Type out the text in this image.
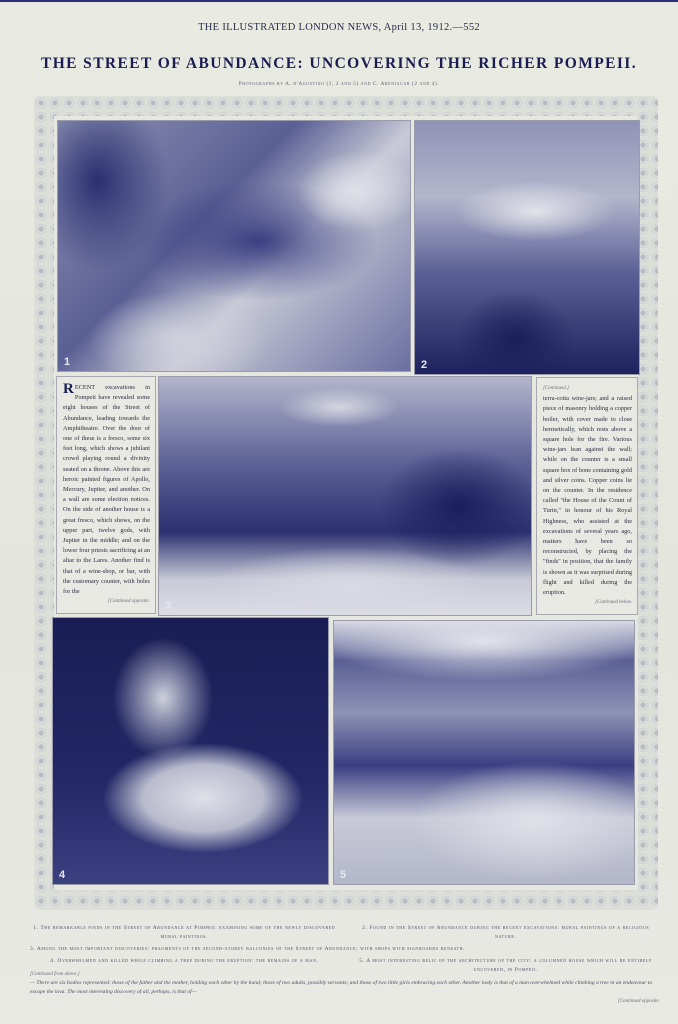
THE ILLUSTRATED LONDON NEWS, April 13, 1912.—552
THE STREET OF ABUNDANCE: UNCOVERING THE RICHER POMPEII.
Photographs by A. d'Agostino (1, 3 and 5) and C. Abeniacar (2 and 4).
1	2
RECENT excavations in Pompeii have revealed some eight houses of the Street of Abundance, leading towards the Amphitheatre. Over the door of one of these is a fresco, some six feet long, which shows a jubilant crowd playing round a divinity seated on a throne. Above this are heroic painted figures of Apollo, Mercury, Jupiter, and another. On a wall are some election notices. On the side of another house is a great fresco, which shows, on the upper part, twelve gods, with Jupiter in the middle; and on the lower four priests sacrificing at an altar to the Lares. Another find is that of a wine-shop, or bar, with the customary counter, with holes for the
[Continued opposite. 3
[Continued.]
terra-cotta wine-jars; and a raised piece of masonry holding a copper boiler, with cover made to close hermetically, which rests above a square hole for the fire. Various wine-jars lean against the wall; while on the counter is a small square box of bone containing gold and silver coins. Copper coins lie on the counter. In the residence called "the House of the Count of Turin," in honour of his Royal Highness, who assisted at the excavations of several years ago, matters have been so reconstructed, by placing the "finds" in position, that the family is shown as it was surprised during flight and killed during the eruption.
[Continued below.
4	5
1. The remarkable finds in the Street of Abundance at Pompeii: examining some of the newly discovered mural paintings.
2. Found in the Street of Abundance during the recent excavations: mural paintings of a religious nature.
3. Among the most important discoveries: fragments of the second-storey balconies of the Street of Abundance; with shops with signboards beneath.
4. Overwhelmed and killed while climbing a tree during the eruption: the remains of a man.	5. A most interesting relic of the architecture of the city: a columned house which will be entirely uncovered, in Pompeii.
[Continued from above.]
— There are six bodies represented: those of the father and the mother, holding each other by the hand; those of two adults, possibly servants; and those of two little girls embracing each other. Another body is that of a man overwhelmed while climbing a tree in an endeavour to escape the lava. The most interesting discovery of all, perhaps, is that of—
[Continued opposite.
